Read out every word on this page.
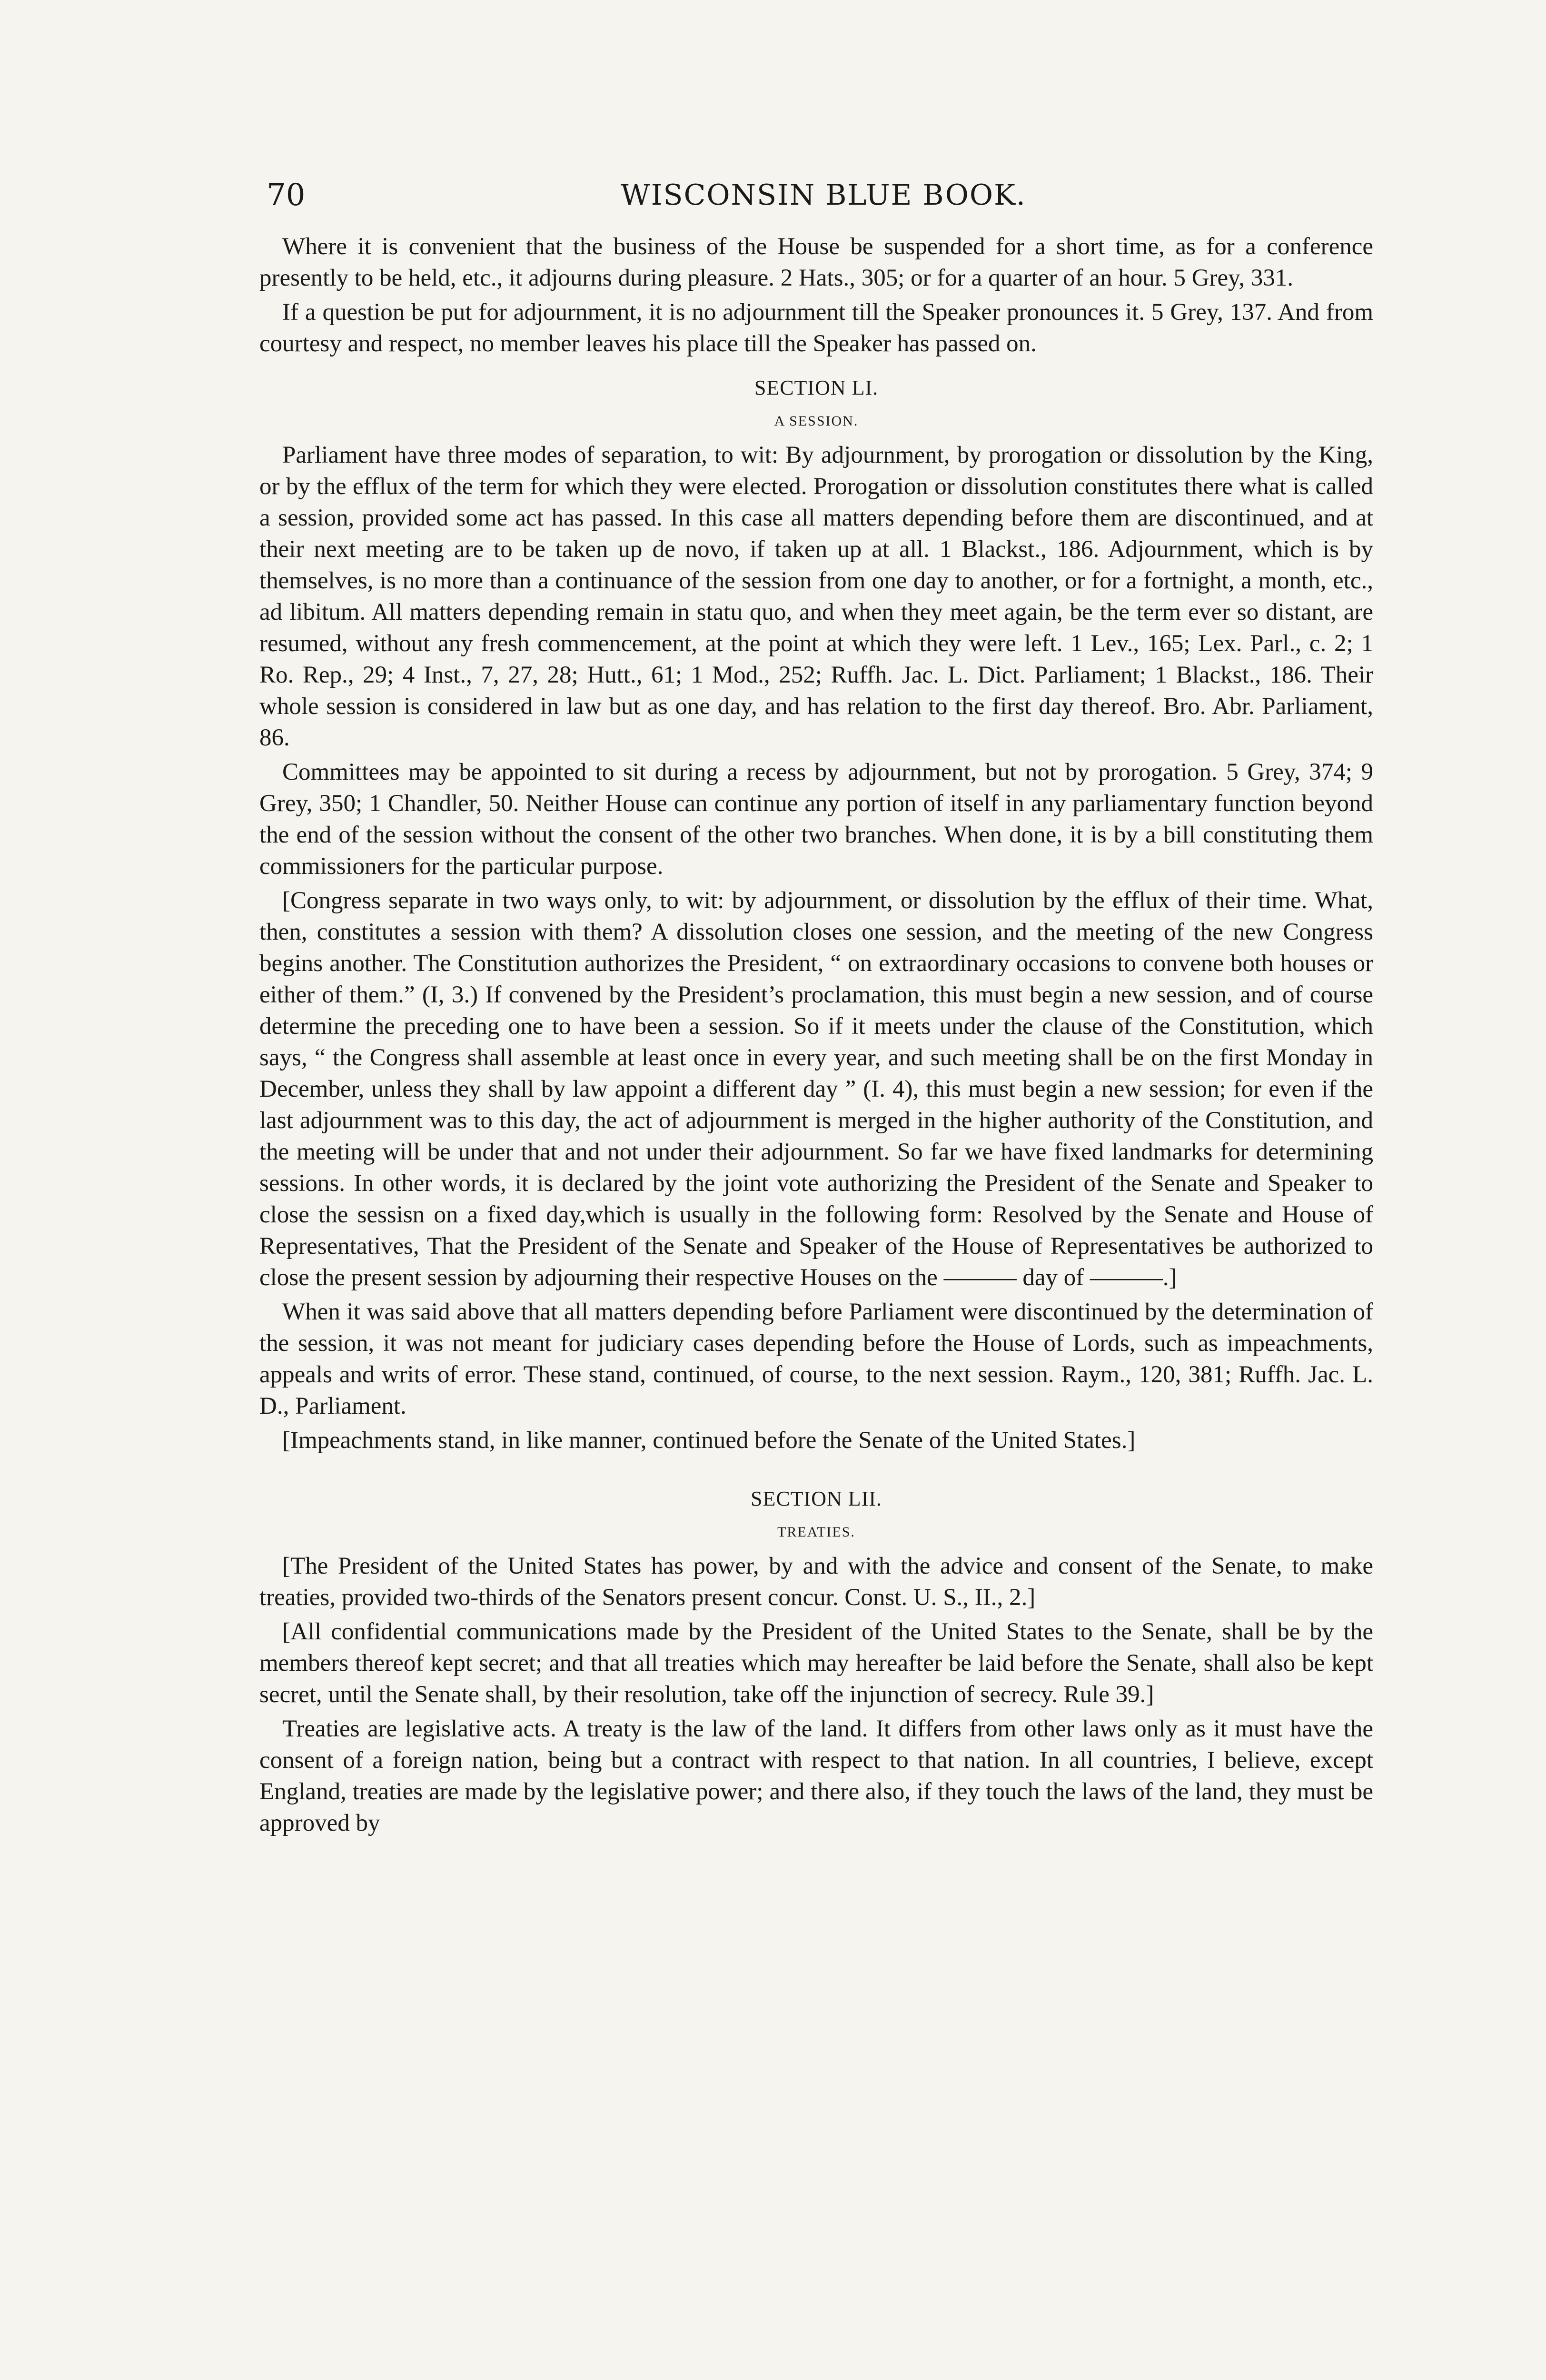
70	WISCONSIN BLUE BOOK.

Where it is convenient that the business of the House be suspended for a short time, as for a conference presently to be held, etc., it adjourns during pleasure. 2 Hats., 305; or for a quarter of an hour. 5 Grey, 331.

If a question be put for adjournment, it is no adjournment till the Speaker pronounces it. 5 Grey, 137. And from courtesy and respect, no member leaves his place till the Speaker has passed on.

SECTION LI.
A SESSION.

Parliament have three modes of separation, to wit: By adjournment, by prorogation or dissolution by the King, or by the efflux of the term for which they were elected. Prorogation or dissolution constitutes there what is called a session, provided some act has passed. In this case all matters depending before them are discontinued, and at their next meeting are to be taken up de novo, if taken up at all. 1 Blackst., 186. Adjournment, which is by themselves, is no more than a continuance of the session from one day to another, or for a fortnight, a month, etc., ad libitum. All matters depending remain in statu quo, and when they meet again, be the term ever so distant, are resumed, without any fresh commencement, at the point at which they were left. 1 Lev., 165; Lex. Parl., c. 2; 1 Ro. Rep., 29; 4 Inst., 7, 27, 28; Hutt., 61; 1 Mod., 252; Ruffh. Jac. L. Dict. Parliament; 1 Blackst., 186. Their whole session is considered in law but as one day, and has relation to the first day thereof. Bro. Abr. Parliament, 86.

Committees may be appointed to sit during a recess by adjournment, but not by prorogation. 5 Grey, 374; 9 Grey, 350; 1 Chandler, 50. Neither House can continue any portion of itself in any parliamentary function beyond the end of the session without the consent of the other two branches. When done, it is by a bill constituting them commissioners for the particular purpose.

[Congress separate in two ways only, to wit: by adjournment, or dissolution by the efflux of their time. What, then, constitutes a session with them? A dissolution closes one session, and the meeting of the new Congress begins another. The Constitution authorizes the President, “ on extraordinary occasions to convene both houses or either of them.” (I, 3.) If convened by the President’s proclamation, this must begin a new session, and of course determine the preceding one to have been a session. So if it meets under the clause of the Constitution, which says, “ the Congress shall assemble at least once in every year, and such meeting shall be on the first Monday in December, unless they shall by law appoint a different day ” (I. 4), this must begin a new session; for even if the last adjournment was to this day, the act of adjournment is merged in the higher authority of the Constitution, and the meeting will be under that and not under their adjournment. So far we have fixed landmarks for determining sessions. In other words, it is declared by the joint vote authorizing the President of the Senate and Speaker to close the sessisn on a fixed day,which is usually in the following form: Resolved by the Senate and House of Representatives, That the President of the Senate and Speaker of the House of Representatives be authorized to close the present session by adjourning their respective Houses on the ——— day of ———.]

When it was said above that all matters depending before Parliament were discontinued by the determination of the session, it was not meant for judiciary cases depending before the House of Lords, such as impeachments, appeals and writs of error. These stand, continued, of course, to the next session. Raym., 120, 381; Ruffh. Jac. L. D., Parliament.

[Impeachments stand, in like manner, continued before the Senate of the United States.]

SECTION LII.
TREATIES.

[The President of the United States has power, by and with the advice and consent of the Senate, to make treaties, provided two-thirds of the Senators present concur. Const. U. S., II., 2.]

[All confidential communications made by the President of the United States to the Senate, shall be by the members thereof kept secret; and that all treaties which may hereafter be laid before the Senate, shall also be kept secret, until the Senate shall, by their resolution, take off the injunction of secrecy. Rule 39.]

Treaties are legislative acts. A treaty is the law of the land. It differs from other laws only as it must have the consent of a foreign nation, being but a contract with respect to that nation. In all countries, I believe, except England, treaties are made by the legislative power; and there also, if they touch the laws of the land, they must be approved by
